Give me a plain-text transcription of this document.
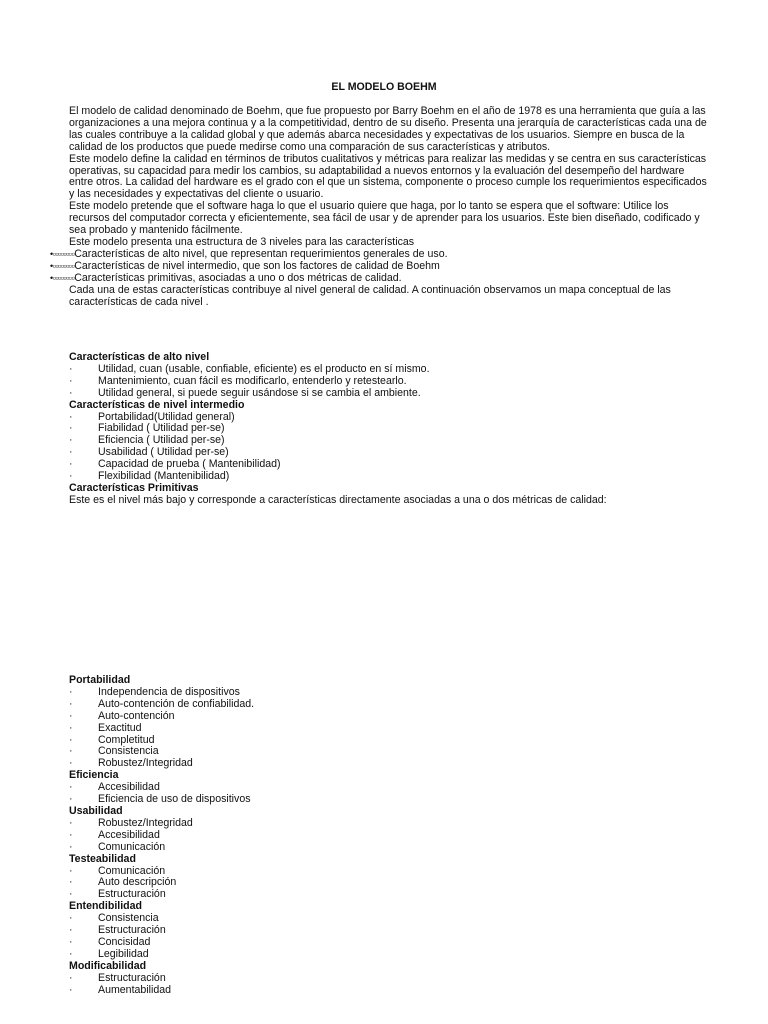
EL MODELO BOEHM

El modelo de calidad denominado de Boehm, que fue propuesto por Barry Boehm en el año de 1978 es una herramienta que guía a las organizaciones a una mejora continua y a la competitividad, dentro de su diseño. Presenta una jerarquía de características cada una de las cuales contribuye a la calidad global y que además abarca necesidades y expectativas de los usuarios. Siempre en busca de la calidad de los productos que puede medirse como una comparación de sus características y atributos.

Este modelo define la calidad en términos de tributos cualitativos y métricas para realizar las medidas y se centra en sus características operativas, su capacidad para medir los cambios, su adaptabilidad a nuevos entornos y la evaluación del desempeño del hardware entre otros. La calidad del hardware es el grado con el que un sistema, componente o proceso cumple los requerimientos especificados y las necesidades y expectativas del cliente o usuario.

Este modelo pretende que el software haga lo que el usuario quiere que haga, por lo tanto se espera que el software: Utilice los recursos del computador correcta y eficientemente, sea fácil de usar y de aprender para los usuarios. Este bien diseñado, codificado y sea probado y mantenido fácilmente.

Este modelo presenta una estructura de 3 niveles para las características

•▫▫▫▫▫▫▫▫Características de alto nivel, que representan requerimientos generales de uso.

•▫▫▫▫▫▫▫▫Características de nivel intermedio, que son los factores de calidad de Boehm

•▫▫▫▫▫▫▫▫Características primitivas, asociadas a uno o dos métricas de calidad.

Cada una de estas características contribuye al nivel general de calidad. A continuación observamos un mapa conceptual de las características de cada nivel .

Características de alto nivel

· Utilidad, cuan (usable, confiable, eficiente) es el producto en sí mismo.

· Mantenimiento, cuan fácil es modificarlo, entenderlo y retestearlo.

· Utilidad general, si puede seguir usándose si se cambia el ambiente.

Características de nivel intermedio

· Portabilidad(Utilidad general)

· Fiabilidad ( Utilidad per-se)

· Eficiencia ( Utilidad per-se)

· Usabilidad ( Utilidad per-se)

· Capacidad de prueba ( Mantenibilidad)

· Flexibilidad (Mantenibilidad)

Características Primitivas

Este es el nivel más bajo y corresponde a características directamente asociadas a una o dos métricas de calidad:

Portabilidad

· Independencia de dispositivos

· Auto-contención de confiabilidad.

· Auto-contención

· Exactitud

· Completitud

· Consistencia

· Robustez/Integridad

Eficiencia

· Accesibilidad

· Eficiencia de uso de dispositivos

Usabilidad

· Robustez/Integridad

· Accesibilidad

· Comunicación

Testeabilidad

· Comunicación

· Auto descripción

· Estructuración

Entendibilidad

· Consistencia

· Estructuración

· Concisidad

· Legibilidad

Modificabilidad

· Estructuración

· Aumentabilidad
